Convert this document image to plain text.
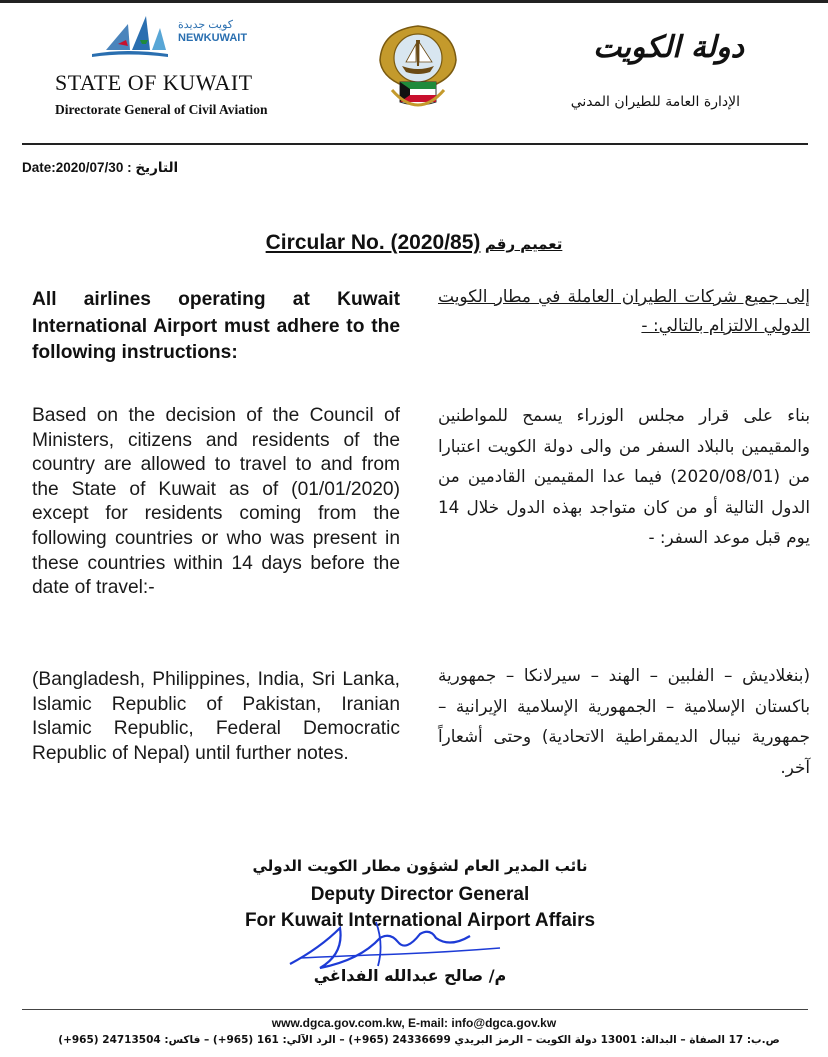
كويت جديدة
NEWKUWAIT
STATE OF KUWAIT
Directorate General of Civil Aviation
دولة الكويت
الإدارة العامة للطيران المدني
Date:2020/07/30 : التاريخ
Circular No. (2020/85) تعميم رقم
All airlines operating at Kuwait International Airport must adhere to the following instructions:
إلى جميع شركات الطيران العاملة في مطار الكويت الدولي الالتزام بالتالي: -
Based on the decision of the Council of Ministers, citizens and residents of the country are allowed to travel to and from the State of Kuwait as of (01/01/2020) except for residents coming from the following countries or who was present in these countries within 14 days before the date of travel:-
بناء على قرار مجلس الوزراء يسمح للمواطنين والمقيمين بالبلاد السفر من والى دولة الكويت اعتبارا من (2020/08/01) فيما عدا المقيمين القادمين من الدول التالية أو من كان متواجد بهذه الدول خلال 14 يوم قبل موعد السفر: -
(Bangladesh, Philippines, India, Sri Lanka, Islamic Republic of Pakistan, Iranian Islamic Republic, Federal Democratic Republic of Nepal) until further notes.
(بنغلاديش – الفلبين – الهند – سيرلانكا – جمهورية باكستان الإسلامية – الجمهورية الإسلامية الإيرانية – جمهورية نيبال الديمقراطية الاتحادية) وحتى أشعاراً آخر.
نائب المدير العام لشؤون مطار الكويت الدولي
Deputy Director General
For Kuwait International Airport Affairs
م/ صالح عبدالله الفداغي
www.dgca.gov.com.kw, E-mail: info@dgca.gov.kw
ص.ب: 17 الصفاة – البدالة: 13001 دولة الكويت – الرمز البريدي 24336699 (965+) – الرد الآلي: 161 (965+) – فاكس: 24713504 (965+)
